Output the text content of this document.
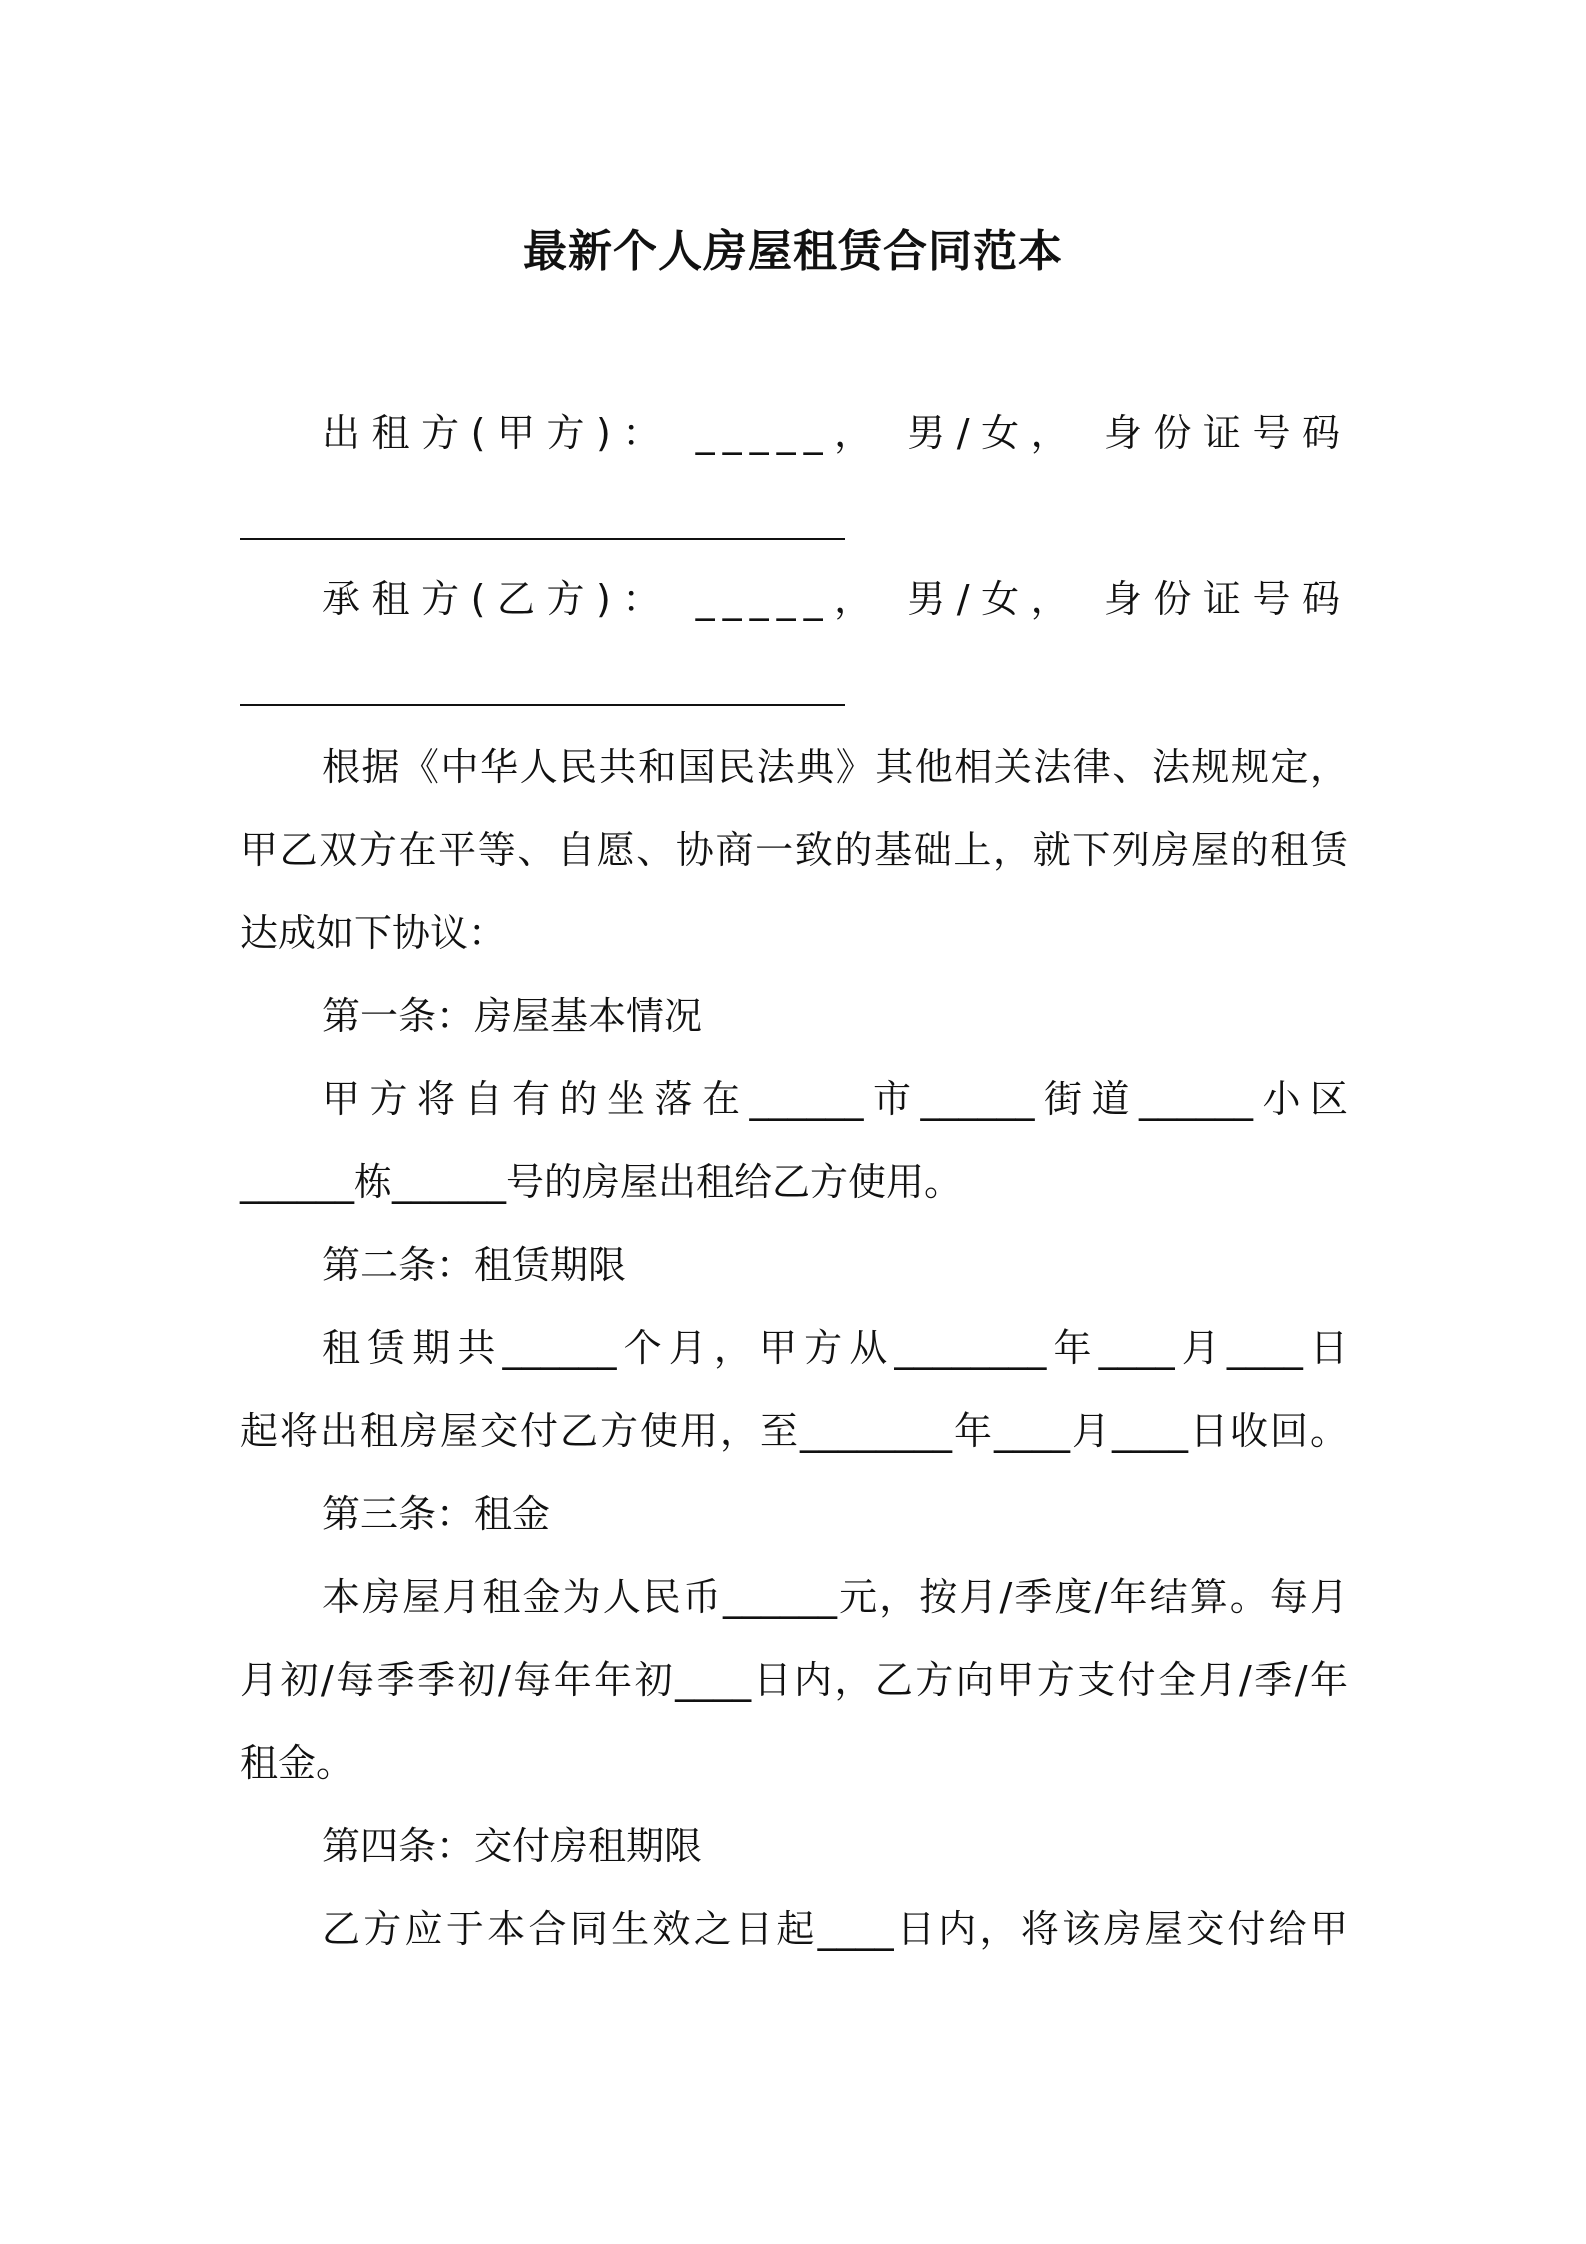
最新个人房屋租赁合同范本
出租方(甲方)： _____， 男/女， 身份证号码
承租方(乙方)： _____， 男/女， 身份证号码
根据《中华人民共和国民法典》其他相关法律、法规规定，
甲乙双方在平等、自愿、协商一致的基础上，就下列房屋的租赁
达成如下协议：
第一条：房屋基本情况
甲方将自有的坐落在______市______街道______小区
______栋______号的房屋出租给乙方使用。
第二条：租赁期限
租赁期共______个月，甲方从________年____月____日
起将出租房屋交付乙方使用，至________年____月____日收回。
第三条：租金
本房屋月租金为人民币______元，按月/季度/年结算。每月
月初/每季季初/每年年初____日内，乙方向甲方支付全月/季/年
租金。
第四条：交付房租期限
乙方应于本合同生效之日起____日内，将该房屋交付给甲
